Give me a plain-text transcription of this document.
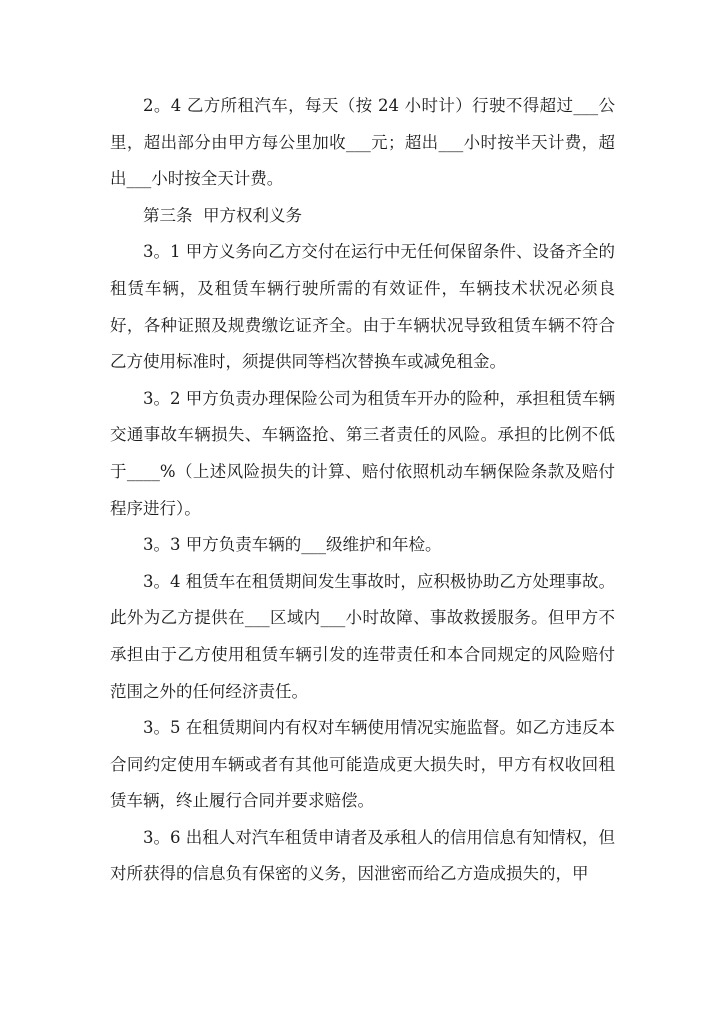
2。4 乙方所租汽车，每天（按 24 小时计）行驶不得超过___公里，超出部分由甲方每公里加收___元；超出___小时按半天计费，超出___小时按全天计费。

第三条  甲方权利义务

3。1 甲方义务向乙方交付在运行中无任何保留条件、设备齐全的租赁车辆，及租赁车辆行驶所需的有效证件，车辆技术状况必须良好，各种证照及规费缴讫证齐全。由于车辆状况导致租赁车辆不符合乙方使用标准时，须提供同等档次替换车或减免租金。

3。2 甲方负责办理保险公司为租赁车开办的险种，承担租赁车辆交通事故车辆损失、车辆盗抢、第三者责任的风险。承担的比例不低于____%（上述风险损失的计算、赔付依照机动车辆保险条款及赔付程序进行）。

3。3 甲方负责车辆的___级维护和年检。

3。4 租赁车在租赁期间发生事故时，应积极协助乙方处理事故。此外为乙方提供在___区域内___小时故障、事故救援服务。但甲方不承担由于乙方使用租赁车辆引发的连带责任和本合同规定的风险赔付范围之外的任何经济责任。

3。5 在租赁期间内有权对车辆使用情况实施监督。如乙方违反本合同约定使用车辆或者有其他可能造成更大损失时，甲方有权收回租赁车辆，终止履行合同并要求赔偿。

3。6 出租人对汽车租赁申请者及承租人的信用信息有知情权，但对所获得的信息负有保密的义务，因泄密而给乙方造成损失的，甲
